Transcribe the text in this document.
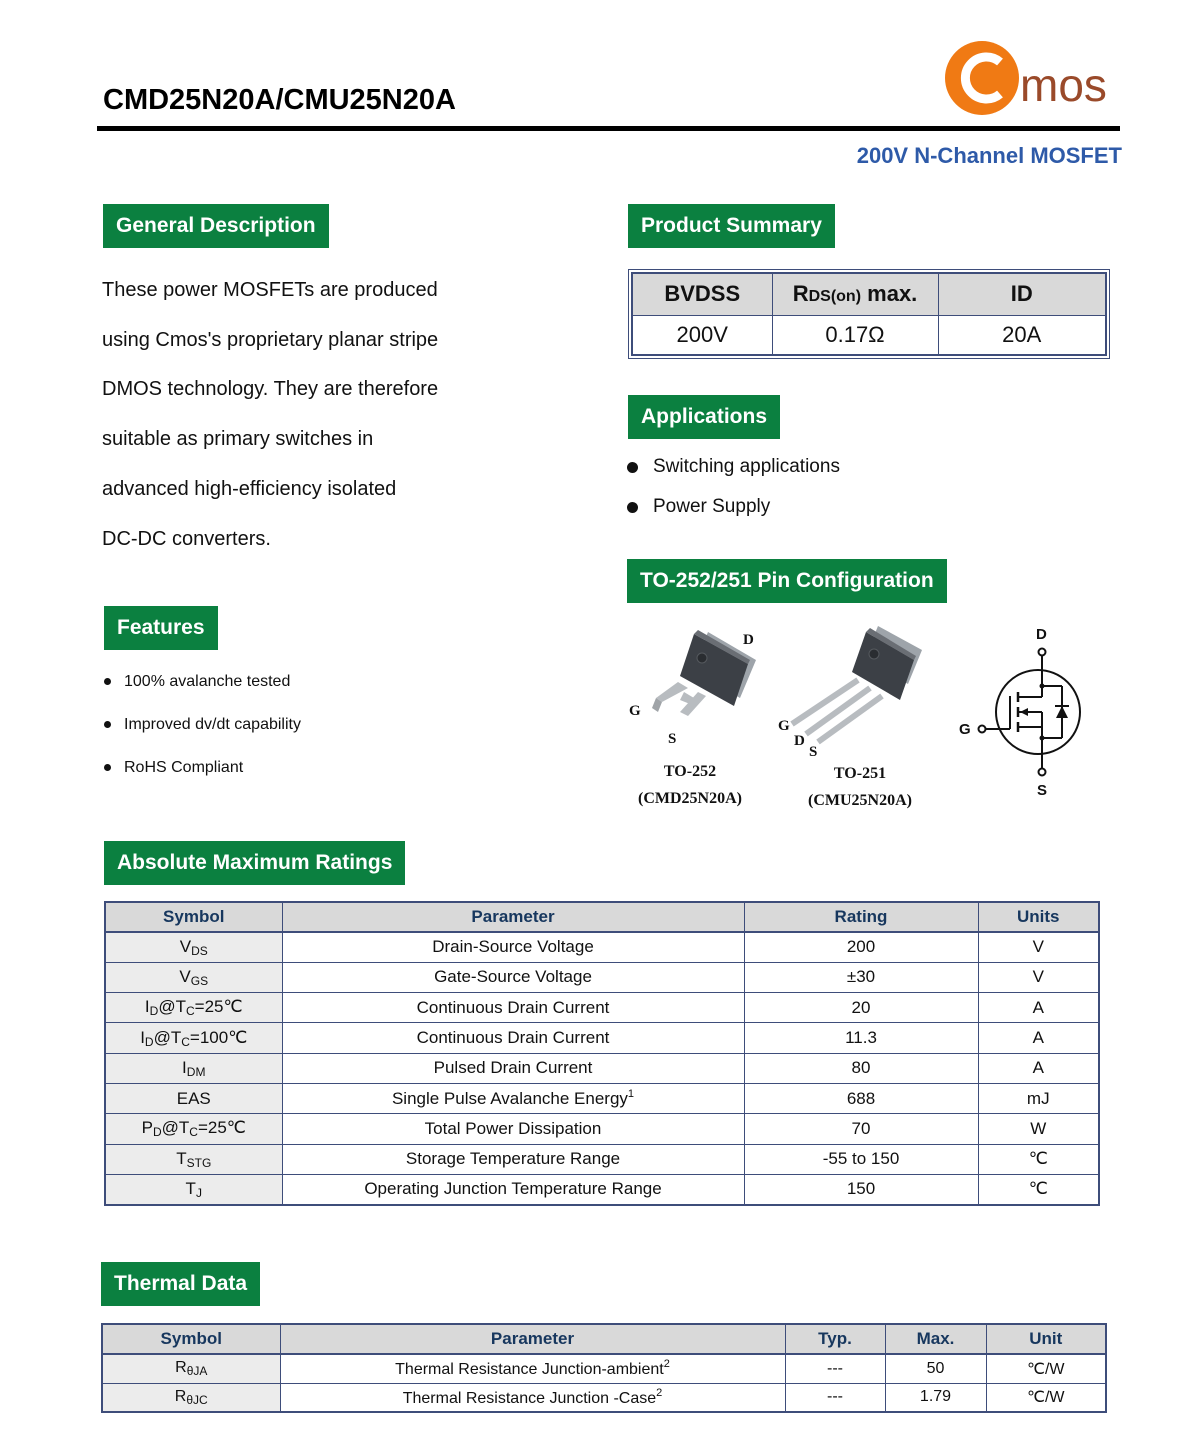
CMD25N20A/CMU25N20A	mos
200V N-Channel MOSFET
General Description
These power MOSFETs are produced
using Cmos's proprietary planar stripe
DMOS technology. They are therefore
suitable as primary switches in
advanced high-efficiency isolated
DC-DC converters.
Features
100% avalanche tested
Improved dv/dt capability
RoHS Compliant
Product Summary
BVDSS	RDS(on) max.	ID
200V	0.17Ω	20A
Applications
Switching applications
Power Supply
TO-252/251 Pin Configuration
D
G
S
TO-252
(CMD25N20A)
G
D
S
TO-251
(CMU25N20A)
D
G
S
Absolute Maximum Ratings
Symbol	Parameter	Rating	Units
$V_{DS}$	Drain-Source Voltage	200	V
$V_{GS}$	Gate-Source Voltage	±30	V
$I_D@T_C=25℃$	Continuous Drain Current	20	A
$I_D@T_C=100℃$	Continuous Drain Current	11.3	A
$I_{DM}$	Pulsed Drain Current	80	A
EAS	Single Pulse Avalanche Energy$^1$	688	mJ
$P_D@T_C=25℃$	Total Power Dissipation	70	W
$T_{STG}$	Storage Temperature Range	-55 to 150	℃
$T_J$	Operating Junction Temperature Range	150	℃
Thermal Data
Symbol	Parameter	Typ.	Max.	Unit
$R_{\theta JA}$	Thermal Resistance Junction-ambient$^2$	---	50	℃/W
$R_{\theta JC}$	Thermal Resistance Junction -Case$^2$	---	1.79	℃/W
